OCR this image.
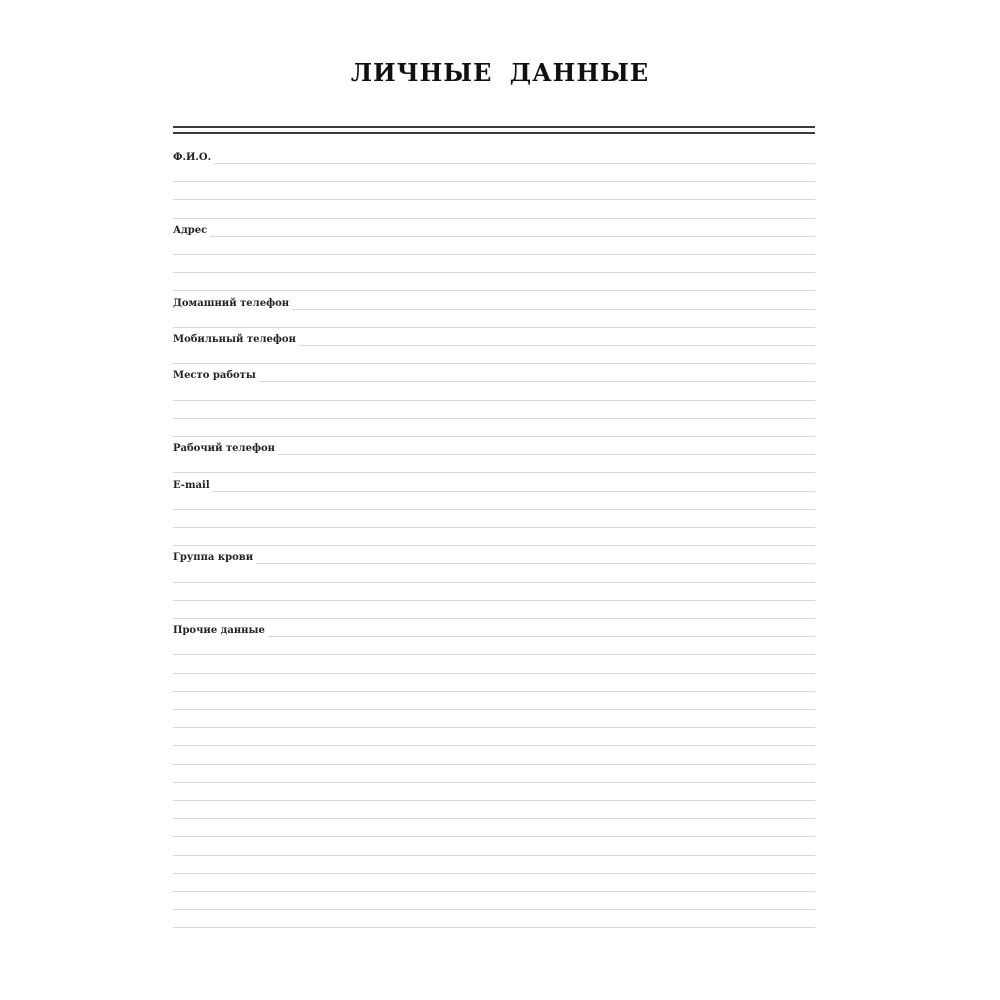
ЛИЧНЫЕ ДАННЫЕ
Ф.И.О.
Адрес
Домашний телефон
Мобильный телефон
Место работы
Рабочий телефон
E-mail
Группа крови
Прочие данные
